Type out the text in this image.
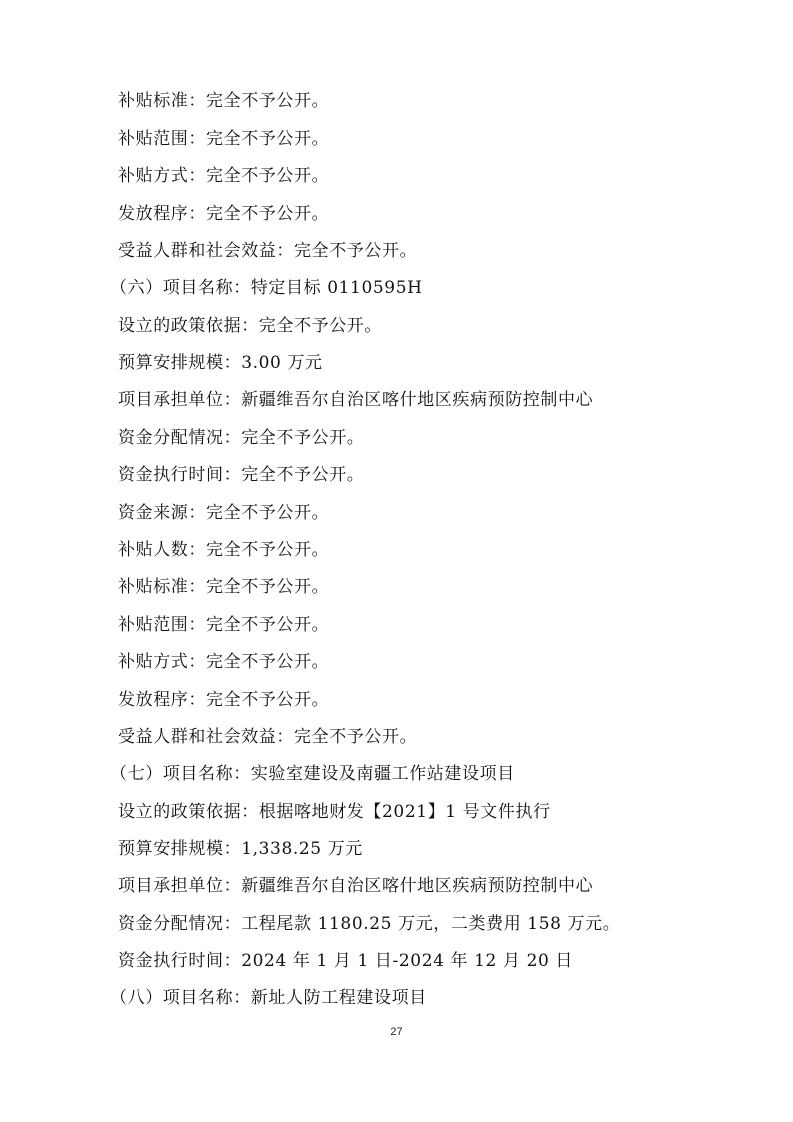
补贴标准：完全不予公开。
补贴范围：完全不予公开。
补贴方式：完全不予公开。
发放程序：完全不予公开。
受益人群和社会效益：完全不予公开。
（六）项目名称：特定目标 0110595H
设立的政策依据：完全不予公开。
预算安排规模：3.00 万元
项目承担单位：新疆维吾尔自治区喀什地区疾病预防控制中心
资金分配情况：完全不予公开。
资金执行时间：完全不予公开。
资金来源：完全不予公开。
补贴人数：完全不予公开。
补贴标准：完全不予公开。
补贴范围：完全不予公开。
补贴方式：完全不予公开。
发放程序：完全不予公开。
受益人群和社会效益：完全不予公开。
（七）项目名称：实验室建设及南疆工作站建设项目
设立的政策依据：根据喀地财发【2021】1 号文件执行
预算安排规模：1,338.25 万元
项目承担单位：新疆维吾尔自治区喀什地区疾病预防控制中心
资金分配情况：工程尾款 1180.25 万元，二类费用 158 万元。
资金执行时间：2024 年 1 月 1 日-2024 年 12 月 20 日
（八）项目名称：新址人防工程建设项目
27
